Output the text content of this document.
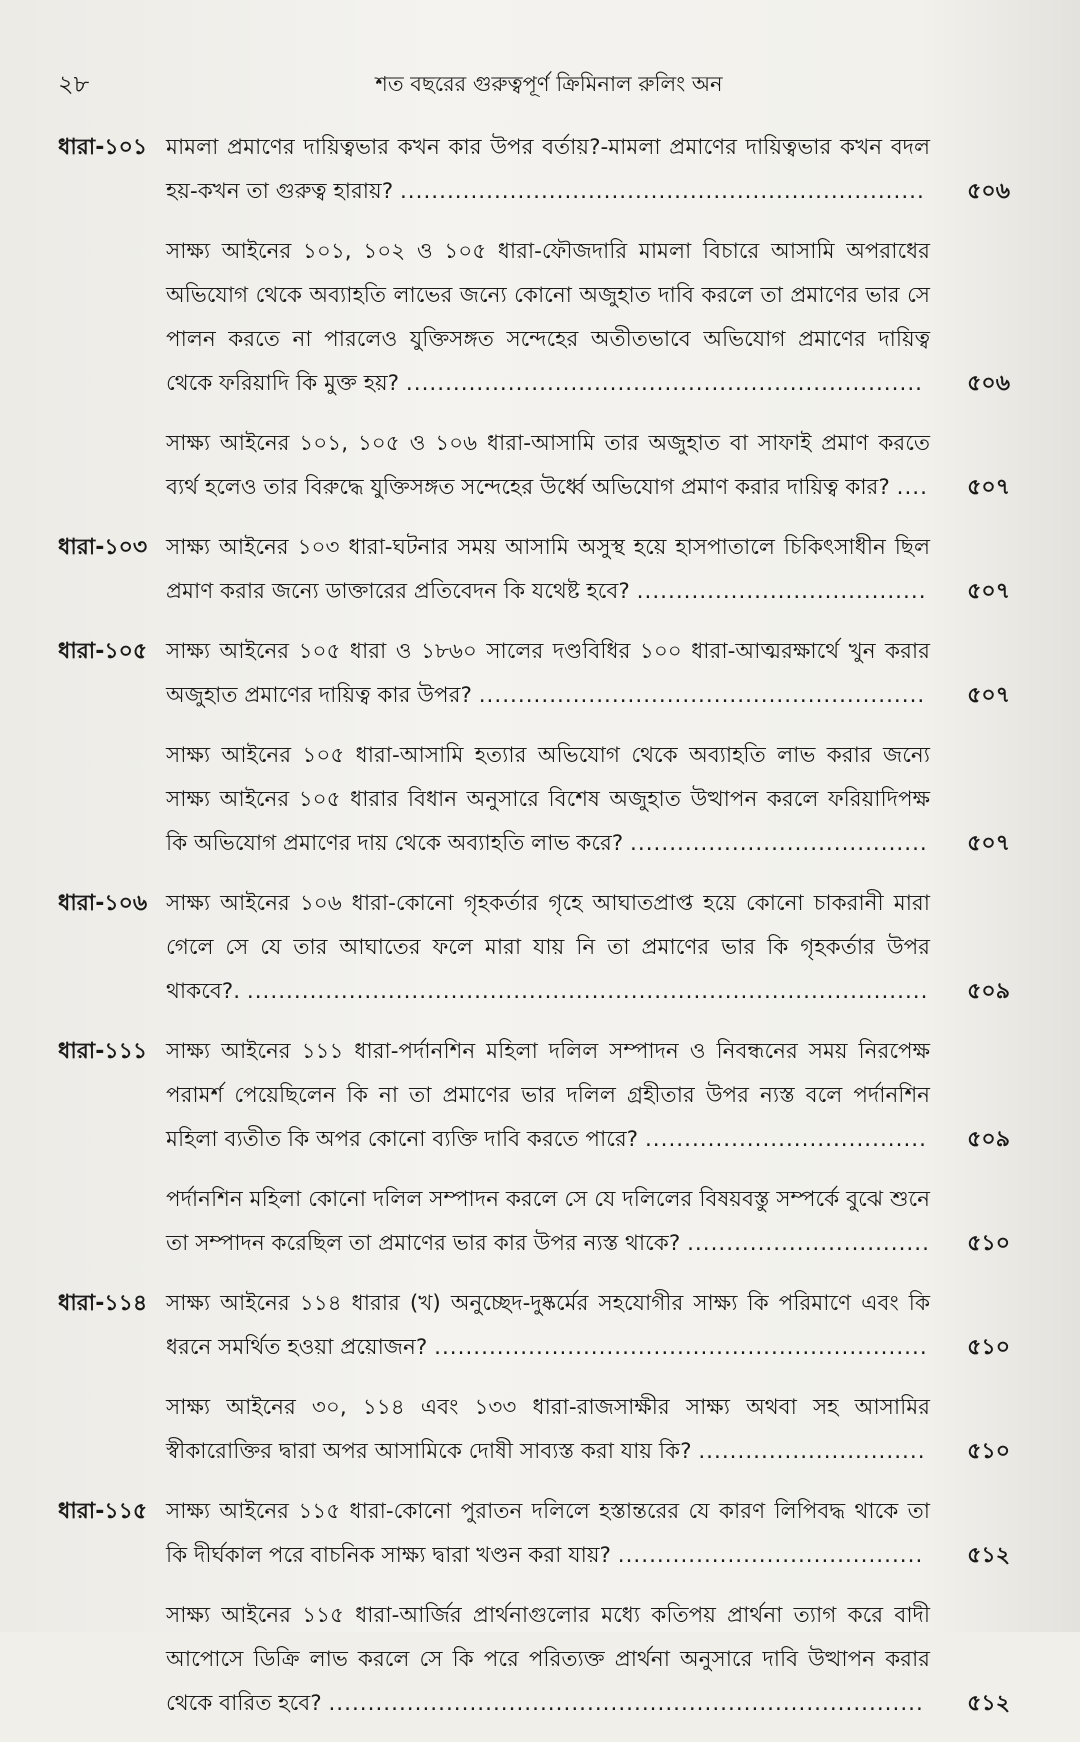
২৮	শত বছরের গুরুত্বপূর্ণ ক্রিমিনাল রুলিং অন
ধারা-১০১ মামলা প্রমাণের দায়িত্বভার কখন কার উপর বর্তায়?-মামলা প্রমাণের দায়িত্বভার কখন বদল হয়-কখন তা গুরুত্ব হারায়? ................................................................... ৫০৬
সাক্ষ্য আইনের ১০১, ১০২ ও ১০৫ ধারা-ফৌজদারি মামলা বিচারে আসামি অপরাধের অভিযোগ থেকে অব্যাহতি লাভের জন্যে কোনো অজুহাত দাবি করলে তা প্রমাণের ভার সে পালন করতে না পারলেও যুক্তিসঙ্গত সন্দেহের অতীতভাবে অভিযোগ প্রমাণের দায়িত্ব থেকে ফরিয়াদি কি মুক্ত হয়? ..................................................................	৫০৬
সাক্ষ্য আইনের ১০১, ১০৫ ও ১০৬ ধারা-আসামি তার অজুহাত বা সাফাই প্রমাণ করতে ব্যর্থ হলেও তার বিরুদ্ধে যুক্তিসঙ্গত সন্দেহের উর্ধ্বে অভিযোগ প্রমাণ করার দায়িত্ব কার? .... ৫০৭
ধারা-১০৩ সাক্ষ্য আইনের ১০৩ ধারা-ঘটনার সময় আসামি অসুস্থ হয়ে হাসপাতালে চিকিৎসাধীন ছিল প্রমাণ করার জন্যে ডাক্তারের প্রতিবেদন কি যথেষ্ট হবে? ..................................... ৫০৭
ধারা-১০৫ সাক্ষ্য আইনের ১০৫ ধারা ও ১৮৬০ সালের দণ্ডবিধির ১০০ ধারা-আত্মরক্ষার্থে খুন করার অজুহাত প্রমাণের দায়িত্ব কার উপর? ......................................................... ৫০৭
সাক্ষ্য আইনের ১০৫ ধারা-আসামি হত্যার অভিযোগ থেকে অব্যাহতি লাভ করার জন্যে সাক্ষ্য আইনের ১০৫ ধারার বিধান অনুসারে বিশেষ অজুহাত উত্থাপন করলে ফরিয়াদিপক্ষ কি অভিযোগ প্রমাণের দায় থেকে অব্যাহতি লাভ করে? ...................................... ৫০৭
ধারা-১০৬ সাক্ষ্য আইনের ১০৬ ধারা-কোনো গৃহকর্তার গৃহে আঘাতপ্রাপ্ত হয়ে কোনো চাকরানী মারা গেলে সে যে তার আঘাতের ফলে মারা যায় নি তা প্রমাণের ভার কি গৃহকর্তার উপর থাকবে?. ....................................................................................... ৫০৯
ধারা-১১১ সাক্ষ্য আইনের ১১১ ধারা-পর্দানশিন মহিলা দলিল সম্পাদন ও নিবন্ধনের সময় নিরপেক্ষ পরামর্শ পেয়েছিলেন কি না তা প্রমাণের ভার দলিল গ্রহীতার উপর ন্যস্ত বলে পর্দানশিন মহিলা ব্যতীত কি অপর কোনো ব্যক্তি দাবি করতে পারে? .................................... ৫০৯
পর্দানশিন মহিলা কোনো দলিল সম্পাদন করলে সে যে দলিলের বিষয়বস্তু সম্পর্কে বুঝে শুনে তা সম্পাদন করেছিল তা প্রমাণের ভার কার উপর ন্যস্ত থাকে? ............................... ৫১০
ধারা-১১৪ সাক্ষ্য আইনের ১১৪ ধারার (খ) অনুচ্ছেদ-দুষ্কর্মের সহযোগীর সাক্ষ্য কি পরিমাণে এবং কি ধরনে সমর্থিত হওয়া প্রয়োজন? ............................................................... ৫১০
সাক্ষ্য আইনের ৩০, ১১৪ এবং ১৩৩ ধারা-রাজসাক্ষীর সাক্ষ্য অথবা সহ আসামির স্বীকারোক্তির দ্বারা অপর আসামিকে দোষী সাব্যস্ত করা যায় কি? ............................. ৫১০
ধারা-১১৫ সাক্ষ্য আইনের ১১৫ ধারা-কোনো পুরাতন দলিলে হস্তান্তরের যে কারণ লিপিবদ্ধ থাকে তা কি দীর্ঘকাল পরে বাচনিক সাক্ষ্য দ্বারা খণ্ডন করা যায়? .......................................	৫১২
সাক্ষ্য আইনের ১১৫ ধারা-আর্জির প্রার্থনাগুলোর মধ্যে কতিপয় প্রার্থনা ত্যাগ করে বাদী আপোসে ডিক্রি লাভ করলে সে কি পরে পরিত্যক্ত প্রার্থনা অনুসারে দাবি উত্থাপন করার থেকে বারিত হবে? ............................................................................ ৫১২
